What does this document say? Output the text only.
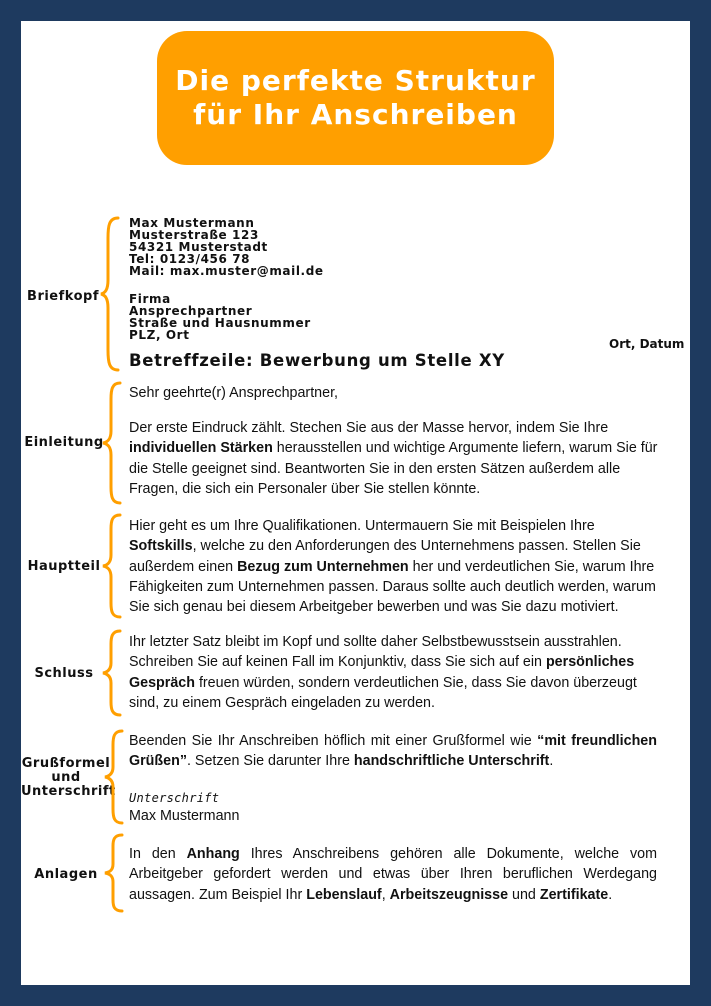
Die perfekte Struktur
für Ihr Anschreiben
Briefkopf
Max Mustermann
Musterstraße 123
54321 Musterstadt
Tel: 0123/456 78
Mail: max.muster@mail.de
Firma
Ansprechpartner
Straße und Hausnummer
PLZ, Ort
Ort, Datum
Betreffzeile: Bewerbung um Stelle XY
Einleitung
Sehr geehrte(r) Ansprechpartner,
Der erste Eindruck zählt. Stechen Sie aus der Masse hervor, indem Sie Ihre
individuellen Stärken herausstellen und wichtige Argumente liefern, warum Sie für die Stelle geeignet sind. Beantworten Sie in den ersten Sätzen außerdem alle Fragen, die sich ein Personaler über Sie stellen könnte.
Hauptteil
Hier geht es um Ihre Qualifikationen. Untermauern Sie mit Beispielen Ihre
Softskills, welche zu den Anforderungen des Unternehmens passen. Stellen Sie außerdem einen Bezug zum Unternehmen her und verdeutlichen Sie, warum Ihre Fähigkeiten zum Unternehmen passen. Daraus sollte auch deutlich werden, warum Sie sich genau bei diesem Arbeitgeber bewerben und was Sie dazu motiviert.
Schluss
Ihr letzter Satz bleibt im Kopf und sollte daher Selbstbewusstsein ausstrahlen. Schreiben Sie auf keinen Fall im Konjunktiv, dass Sie sich auf ein persönliches Gespräch freuen würden, sondern verdeutlichen Sie, dass Sie davon überzeugt sind, zu einem Gespräch eingeladen zu werden.
Grußformel
und
Unterschrift
Beenden Sie Ihr Anschreiben höflich mit einer Grußformel wie “mit freundlichen Grüßen”. Setzen Sie darunter Ihre handschriftliche Unterschrift.
Unterschrift
Max Mustermann
Anlagen
In den Anhang Ihres Anschreibens gehören alle Dokumente, welche vom Arbeitgeber gefordert werden und etwas über Ihren beruflichen Werdegang aussagen. Zum Beispiel Ihr Lebenslauf, Arbeitszeugnisse und Zertifikate.
